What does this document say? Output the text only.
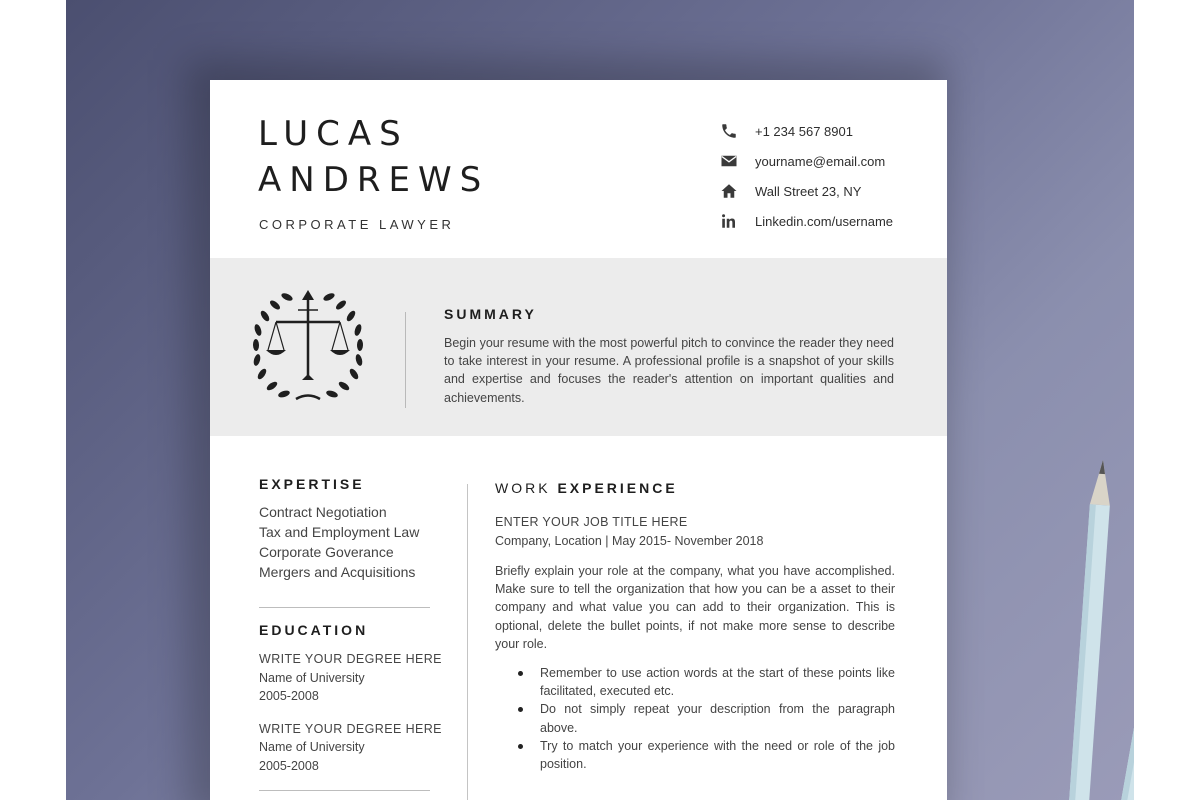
LUCAS
ANDREWS
CORPORATE LAWYER
+1 234 567 8901
yourname@email.com
Wall Street 23, NY
Linkedin.com/username
SUMMARY
Begin your resume with the most powerful pitch to convince the reader they need to take interest in your resume. A professional profile is a snapshot of your skills and expertise and focuses the reader's attention on important qualities and achievements.
EXPERTISE
Contract Negotiation
Tax and Employment Law
Corporate Goverance
Mergers and Acquisitions
EDUCATION
WRITE YOUR DEGREE HERE
Name of University
2005-2008
WRITE YOUR DEGREE HERE
Name of University
2005-2008
WORK EXPERIENCE
ENTER YOUR JOB TITLE HERE
Company, Location | May 2015- November 2018
Briefly explain your role at the company, what you have accomplished. Make sure to tell the organization that how you can be a asset to their company and what value you can add to their organization. This is optional, delete the bullet points, if not make more sense to describe your role.
Remember to use action words at the start of these points like facilitated, executed etc.
Do not simply repeat your description from the paragraph above.
Try to match your experience with the need or role of the job position.
